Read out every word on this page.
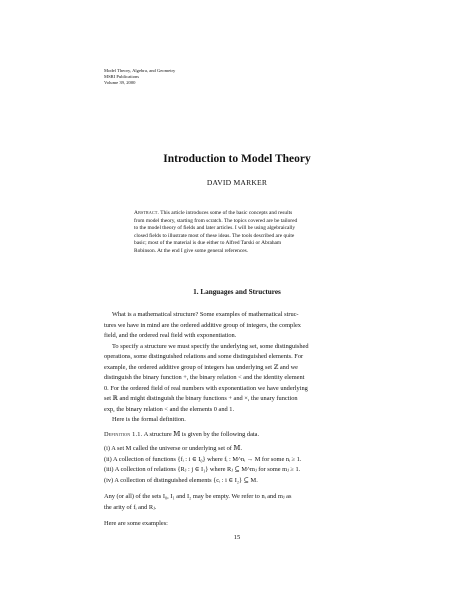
Model Theory, Algebra, and Geometry
MSRI Publications
Volume 39, 2000
Introduction to Model Theory
DAVID MARKER
Abstract. This article introduces some of the basic concepts and results
from model theory, starting from scratch. The topics covered are be tailored
to the model theory of fields and later articles. I will be using algebraically
closed fields to illustrate most of these ideas. The tools described are quite
basic; most of the material is due either to Alfred Tarski or Abraham
Robinson. At the end I give some general references.
1. Languages and Structures
What is a mathematical structure? Some examples of mathematical struc-
tures we have in mind are the ordered additive group of integers, the complex
field, and the ordered real field with exponentiation.
To specify a structure we must specify the underlying set, some distinguished
operations, some distinguished relations and some distinguished elements. For
example, the ordered additive group of integers has underlying set ℤ and we
distinguish the binary function +, the binary relation < and the identity element
0. For the ordered field of real numbers with exponentiation we have underlying
set ℝ and might distinguish the binary functions + and ×, the unary function
exp, the binary relation < and the elements 0 and 1.
Here is the formal definition.
Definition 1.1. A structure 𝕄 is given by the following data.
(i) A set M called the universe or underlying set of 𝕄.
(ii) A collection of functions {fᵢ : i ∈ I₀} where fᵢ : M^nᵢ → M for some nᵢ ≥ 1.
(iii) A collection of relations {Rⱼ : j ∈ I₁} where Rⱼ ⊆ M^mⱼ for some mⱼ ≥ 1.
(iv) A collection of distinguished elements {cᵢ : i ∈ I₂} ⊆ M.
Any (or all) of the sets I₀, I₁ and I₂ may be empty. We refer to nᵢ and mⱼ as
the arity of fᵢ and Rⱼ.
Here are some examples:
15
